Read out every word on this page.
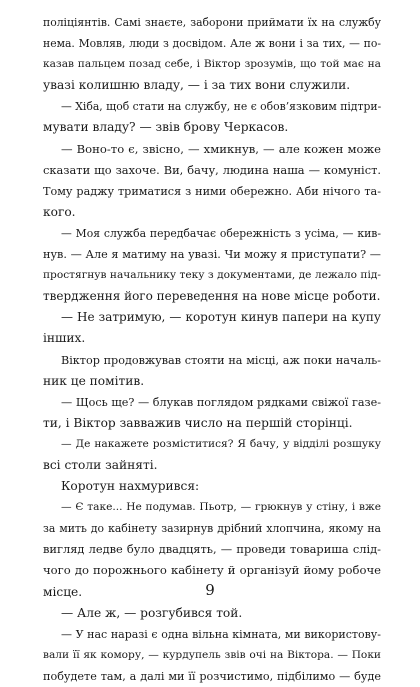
поліціянтів. Самі знаєте, заборони приймати їх на службу
нема. Мовляв, люди з досвідом. Але ж вони і за тих, — по-
казав пальцем позад себе, і Віктор зрозумів, що той має на
увазі колишню владу, — і за тих вони служили.
— Хіба, щоб стати на службу, не є обов’язковим підтри-
мувати владу? — звів брову Черкасов.
— Воно-то є, звісно, — хмикнув, — але кожен може
сказати що захоче. Ви, бачу, людина наша — комуніст.
Тому раджу триматися з ними обережно. Аби нічого та-
кого.
— Моя служба передбачає обережність з усіма, — кив-
нув. — Але я матиму на увазі. Чи можу я приступати? —
простягнув начальнику теку з документами, де лежало під-
твердження його переведення на нове місце роботи.
— Не затримую, — коротун кинув папери на купу
інших.
Віктор продовжував стояти на місці, аж поки началь-
ник це помітив.
— Щось ще? — блукав поглядом рядками свіжої газе-
ти, і Віктор завважив число на першій сторінці.
— Де накажете розміститися? Я бачу, у відділі розшуку
всі столи зайняті.
Коротун нахмурився:
— Є таке... Не подумав. Пьотр, — грюкнув у стіну, і вже
за мить до кабінету зазирнув дрібний хлопчина, якому на
вигляд ледве було двадцять, — проведи товариша слід-
чого до порожнього кабінету й організуй йому робоче
місце.
— Але ж, — розгубився той.
— У нас наразі є одна вільна кімната, ми використову-
вали її як комору, — курдупель звів очі на Віктора. — Поки
побудете там, а далі ми її розчистимо, підбілимо — буде
9
